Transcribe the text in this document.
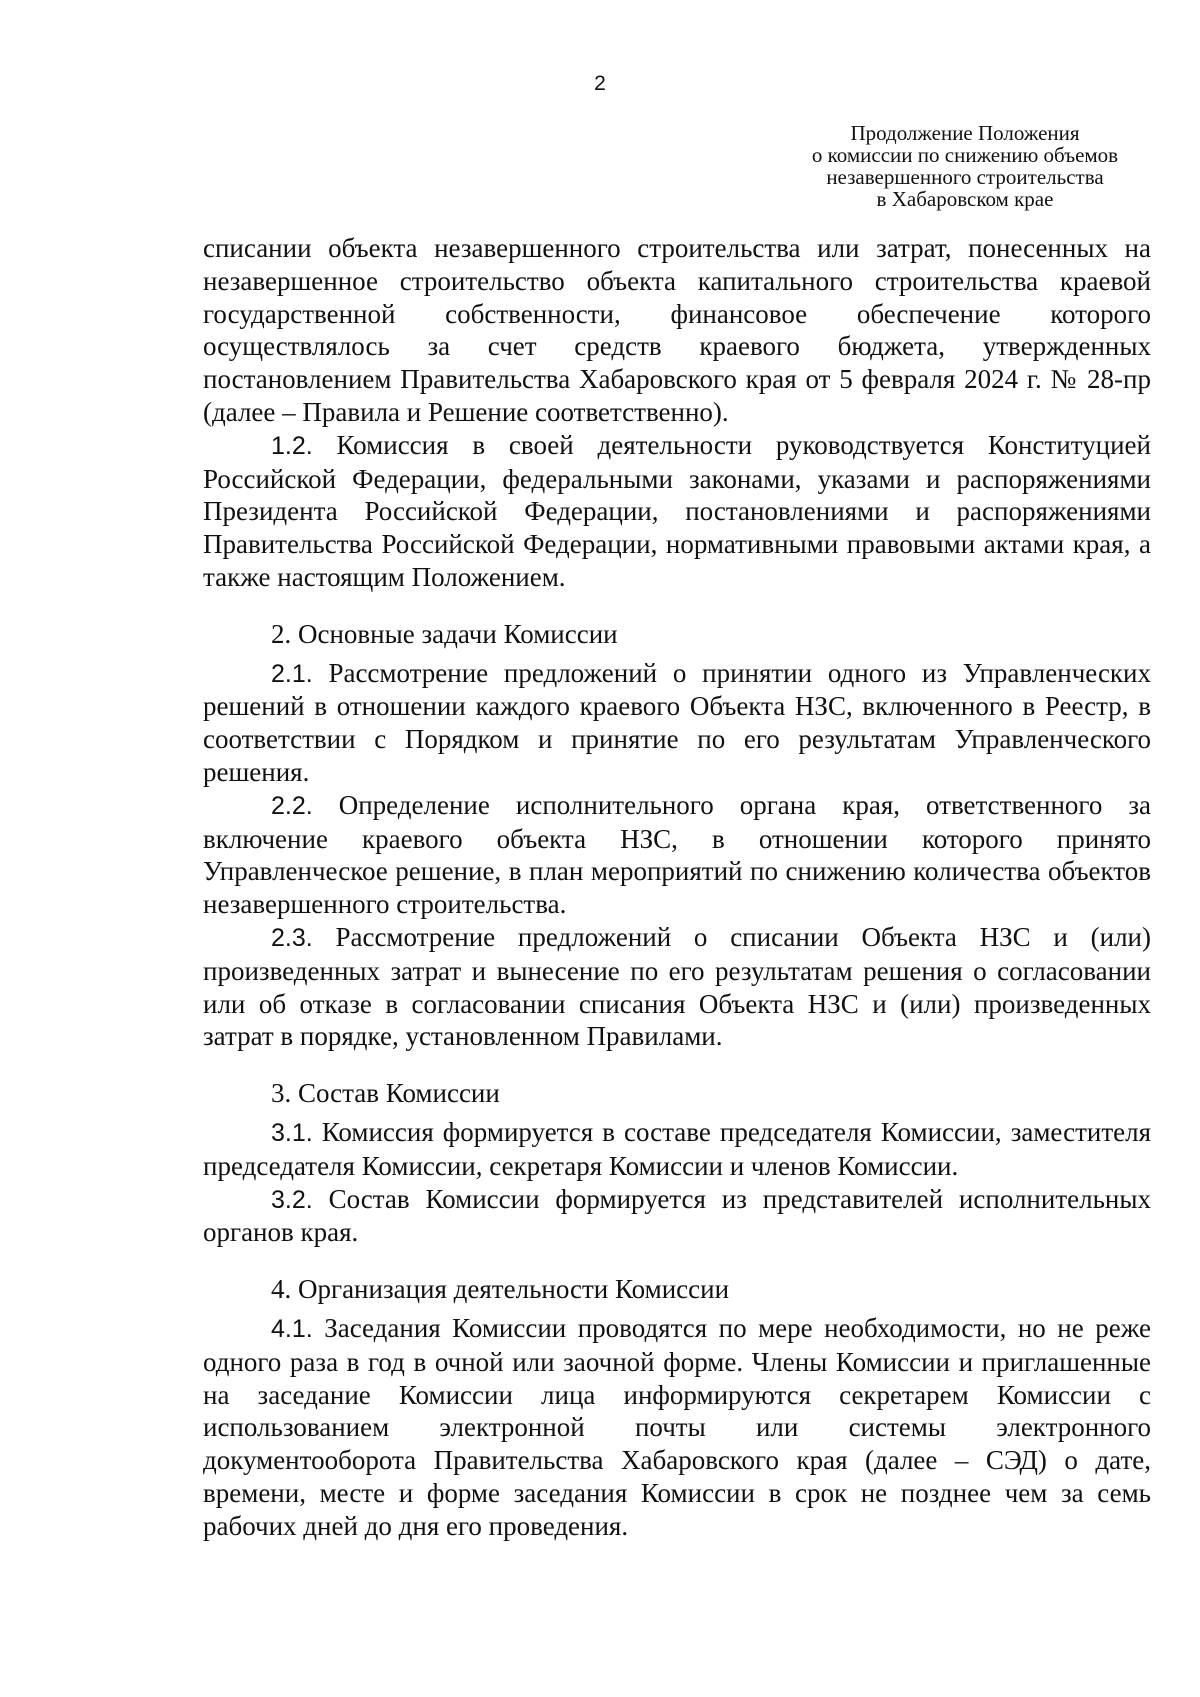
2
Продолжение Положения
о комиссии по снижению объемов
незавершенного строительства
в Хабаровском крае

списании объекта незавершенного строительства или затрат, понесенных на незавершенное строительство объекта капитального строительства краевой государственной собственности, финансовое обеспечение которого осуществлялось за счет средств краевого бюджета, утвержденных постановлением Правительства Хабаровского края от 5 февраля 2024 г. № 28-пр (далее – Правила и Решение соответственно).

1.2. Комиссия в своей деятельности руководствуется Конституцией Российской Федерации, федеральными законами, указами и распоряжениями Президента Российской Федерации, постановлениями и распоряжениями Правительства Российской Федерации, нормативными правовыми актами края, а также настоящим Положением.

2. Основные задачи Комиссии

2.1. Рассмотрение предложений о принятии одного из Управленческих решений в отношении каждого краевого Объекта НЗС, включенного в Реестр, в соответствии с Порядком и принятие по его результатам Управленческого решения.

2.2. Определение исполнительного органа края, ответственного за включение краевого объекта НЗС, в отношении которого принято Управленческое решение, в план мероприятий по снижению количества объектов незавершенного строительства.

2.3. Рассмотрение предложений о списании Объекта НЗС и (или) произведенных затрат и вынесение по его результатам решения о согласовании или об отказе в согласовании списания Объекта НЗС и (или) произведенных затрат в порядке, установленном Правилами.

3. Состав Комиссии

3.1. Комиссия формируется в составе председателя Комиссии, заместителя председателя Комиссии, секретаря Комиссии и членов Комиссии.

3.2. Состав Комиссии формируется из представителей исполнительных органов края.

4. Организация деятельности Комиссии

4.1. Заседания Комиссии проводятся по мере необходимости, но не реже одного раза в год в очной или заочной форме. Члены Комиссии и приглашенные на заседание Комиссии лица информируются секретарем Комиссии с использованием электронной почты или системы электронного документооборота Правительства Хабаровского края (далее – СЭД) о дате, времени, месте и форме заседания Комиссии в срок не позднее чем за семь рабочих дней до дня его проведения.
